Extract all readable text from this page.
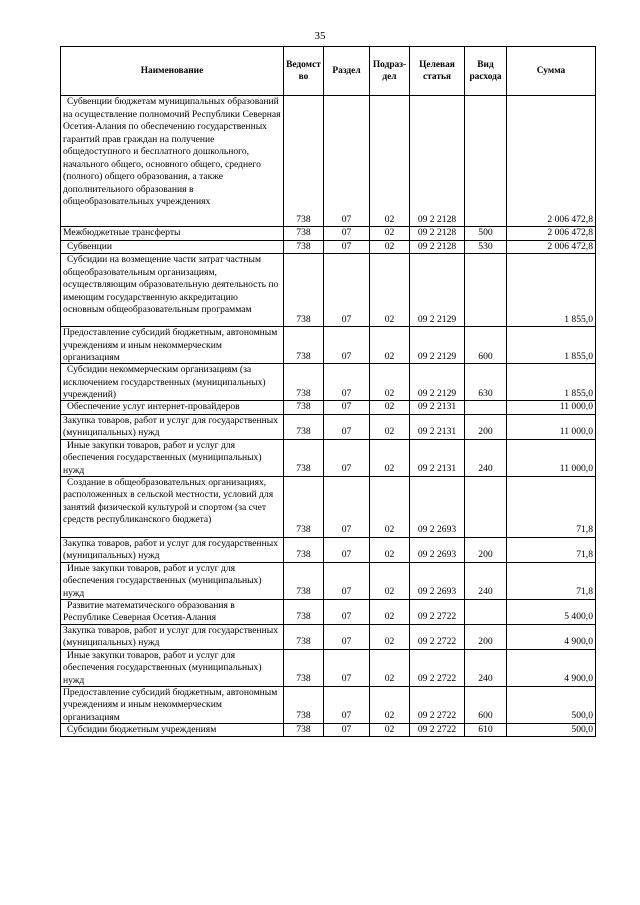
35
Наименование	Ведомст во	Раздел	Подраз- дел	Целевая статья	Вид расхода	Сумма

Субвенции бюджетам муниципальных образований на осуществление полномочий Республики Северная Осетия-Алания по обеспечению государственных гарантий прав граждан на получение общедоступного и бесплатного дошкольного, начального общего, основного общего, среднего (полного) общего образования, а также дополнительного образования в общеобразовательных учреждениях	738	07	02	09 2 2128		2 006 472,8

Межбюджетные трансферты	738	07	02	09 2 2128	500	2 006 472,8

Субвенции	738	07	02	09 2 2128	530	2 006 472,8

Субсидии на возмещение части затрат частным общеобразовательным организациям, осуществляющим образовательную деятельность по имеющим государственную аккредитацию основным общеобразовательным программам	738	07	02	09 2 2129		1 855,0

Предоставление субсидий бюджетным, автономным учреждениям и иным некоммерческим организациям	738	07	02	09 2 2129	600	1 855,0

Субсидии некоммерческим организациям (за исключением государственных (муниципальных) учреждений)	738	07	02	09 2 2129	630	1 855,0

Обеспечение услуг интернет-провайдеров	738	07	02	09 2 2131		11 000,0

Закупка товаров, работ и услуг для государственных (муниципальных) нужд	738	07	02	09 2 2131	200	11 000,0

Иные закупки товаров, работ и услуг для обеспечения государственных (муниципальных) нужд	738	07	02	09 2 2131	240	11 000,0

Создание в общеобразовательных организациях, расположенных в сельской местности, условий для занятий физической культурой и спортом (за счет средств республиканского бюджета)	738	07	02	09 2 2693		71,8

Закупка товаров, работ и услуг для государственных (муниципальных) нужд	738	07	02	09 2 2693	200	71,8

Иные закупки товаров, работ и услуг для обеспечения государственных (муниципальных) нужд	738	07	02	09 2 2693	240	71,8

Развитие математического образования в Республике Северная Осетия-Алания	738	07	02	09 2 2722		5 400,0

Закупка товаров, работ и услуг для государственных (муниципальных) нужд	738	07	02	09 2 2722	200	4 900,0

Иные закупки товаров, работ и услуг для обеспечения государственных (муниципальных) нужд	738	07	02	09 2 2722	240	4 900,0

Предоставление субсидий бюджетным, автономным учреждениям и иным некоммерческим организациям	738	07	02	09 2 2722	600	500,0

Субсидии бюджетным учреждениям	738	07	02	09 2 2722	610	500,0
